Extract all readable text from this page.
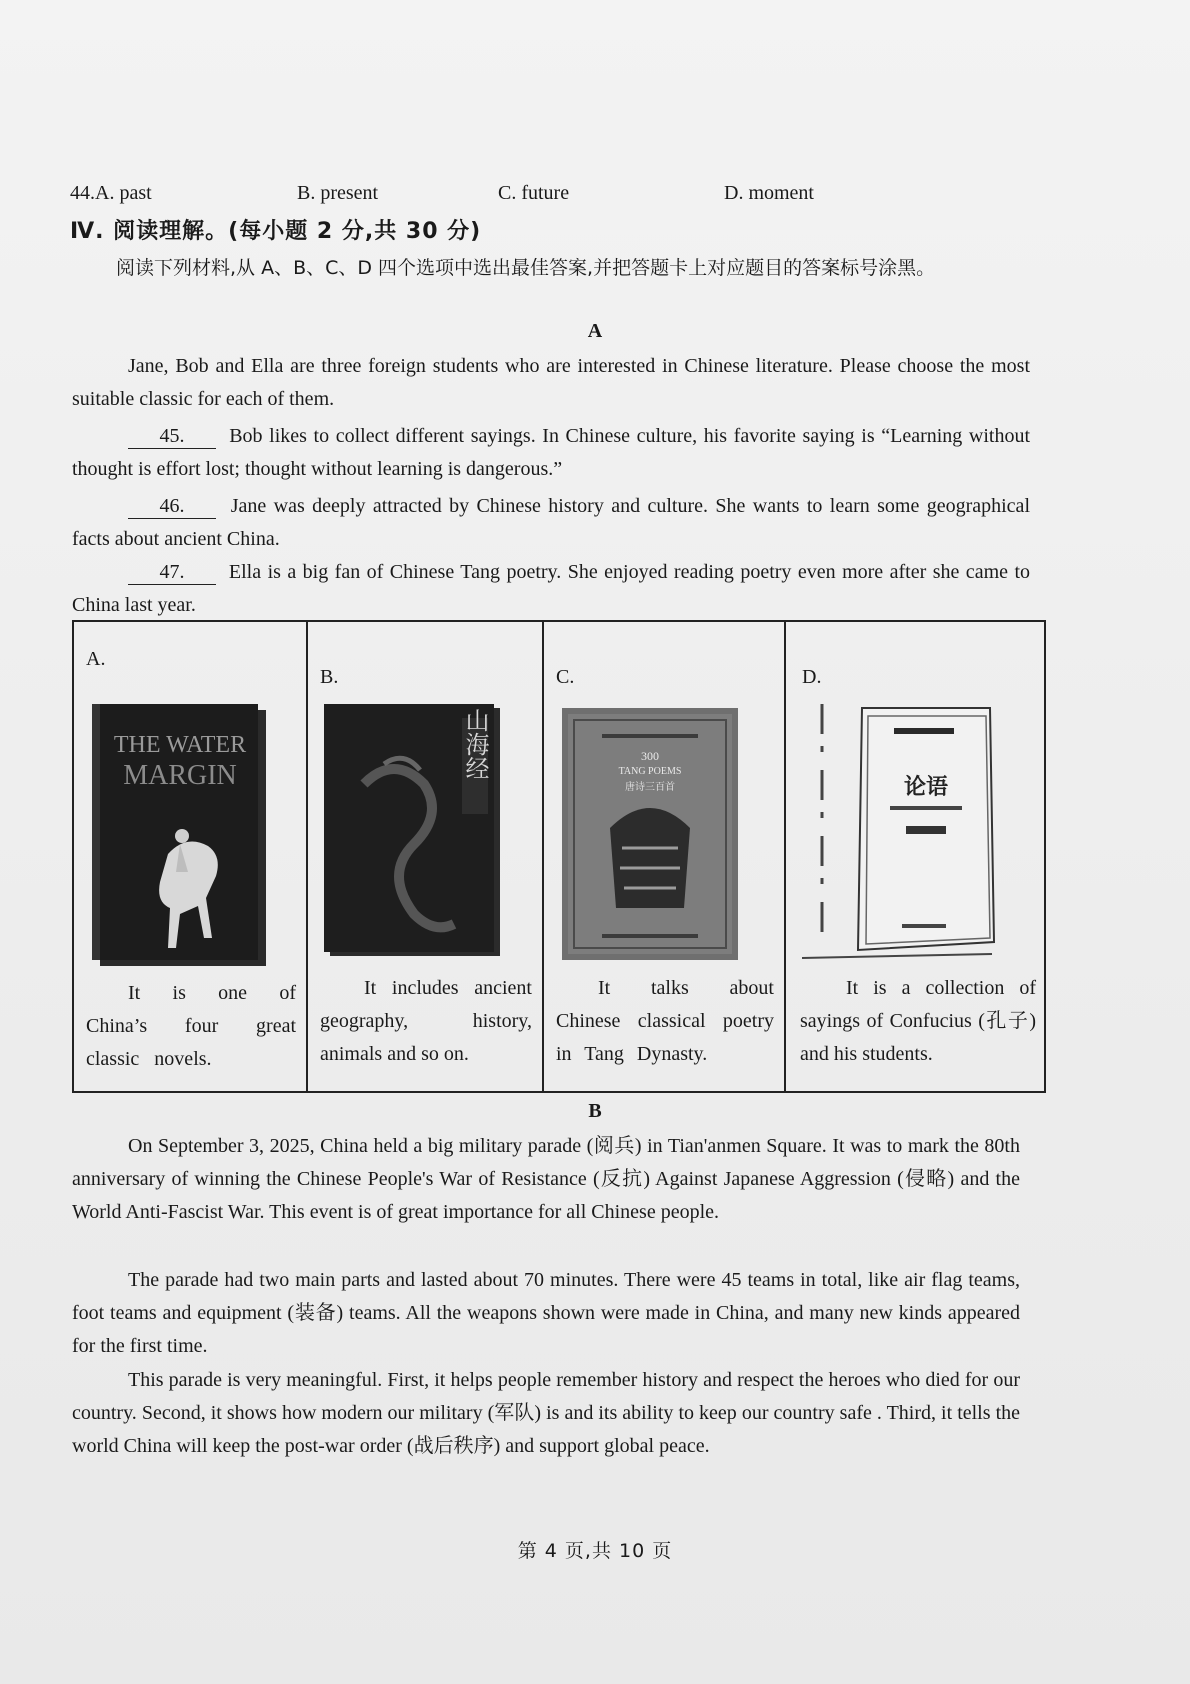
44.A. past	B. present	C. future	D. moment
Ⅳ. 阅读理解。(每小题 2 分,共 30 分)
阅读下列材料,从 A、B、C、D 四个选项中选出最佳答案,并把答题卡上对应题目的答案标号涂黑。
A
Jane, Bob and Ella are three foreign students who are interested in Chinese literature. Please choose the most suitable classic for each of them.
45. Bob likes to collect different sayings. In Chinese culture, his favorite saying is “Learning without thought is effort lost; thought without learning is dangerous.”
46. Jane was deeply attracted by Chinese history and culture. She wants to learn some geographical facts about ancient China.
47. Ella is a big fan of Chinese Tang poetry. She enjoyed reading poetry even more after she came to China last year.
A.
THE WATER
MARGIN
It is one of China’s four great classic novels.
B.
山海经
It includes ancient geography, history, animals and so on.
C.
300
TANG POEMS
唐诗三百首
It talks about Chinese classical poetry in Tang Dynasty.
D.
论语
It is a collection of sayings of Confucius (孔子) and his students.
B
On September 3, 2025, China held a big military parade (阅兵) in Tian'anmen Square. It was to mark the 80th anniversary of winning the Chinese People's War of Resistance (反抗) Against Japanese Aggression (侵略) and the World Anti-Fascist War. This event is of great importance for all Chinese people.
The parade had two main parts and lasted about 70 minutes. There were 45 teams in total, like air flag teams, foot teams and equipment (装备) teams. All the weapons shown were made in China, and many new kinds appeared for the first time.
This parade is very meaningful. First, it helps people remember history and respect the heroes who died for our country. Second, it shows how modern our military (军队) is and its ability to keep our country safe . Third, it tells the world China will keep the post-war order (战后秩序) and support global peace.
第 4 页,共 10 页
